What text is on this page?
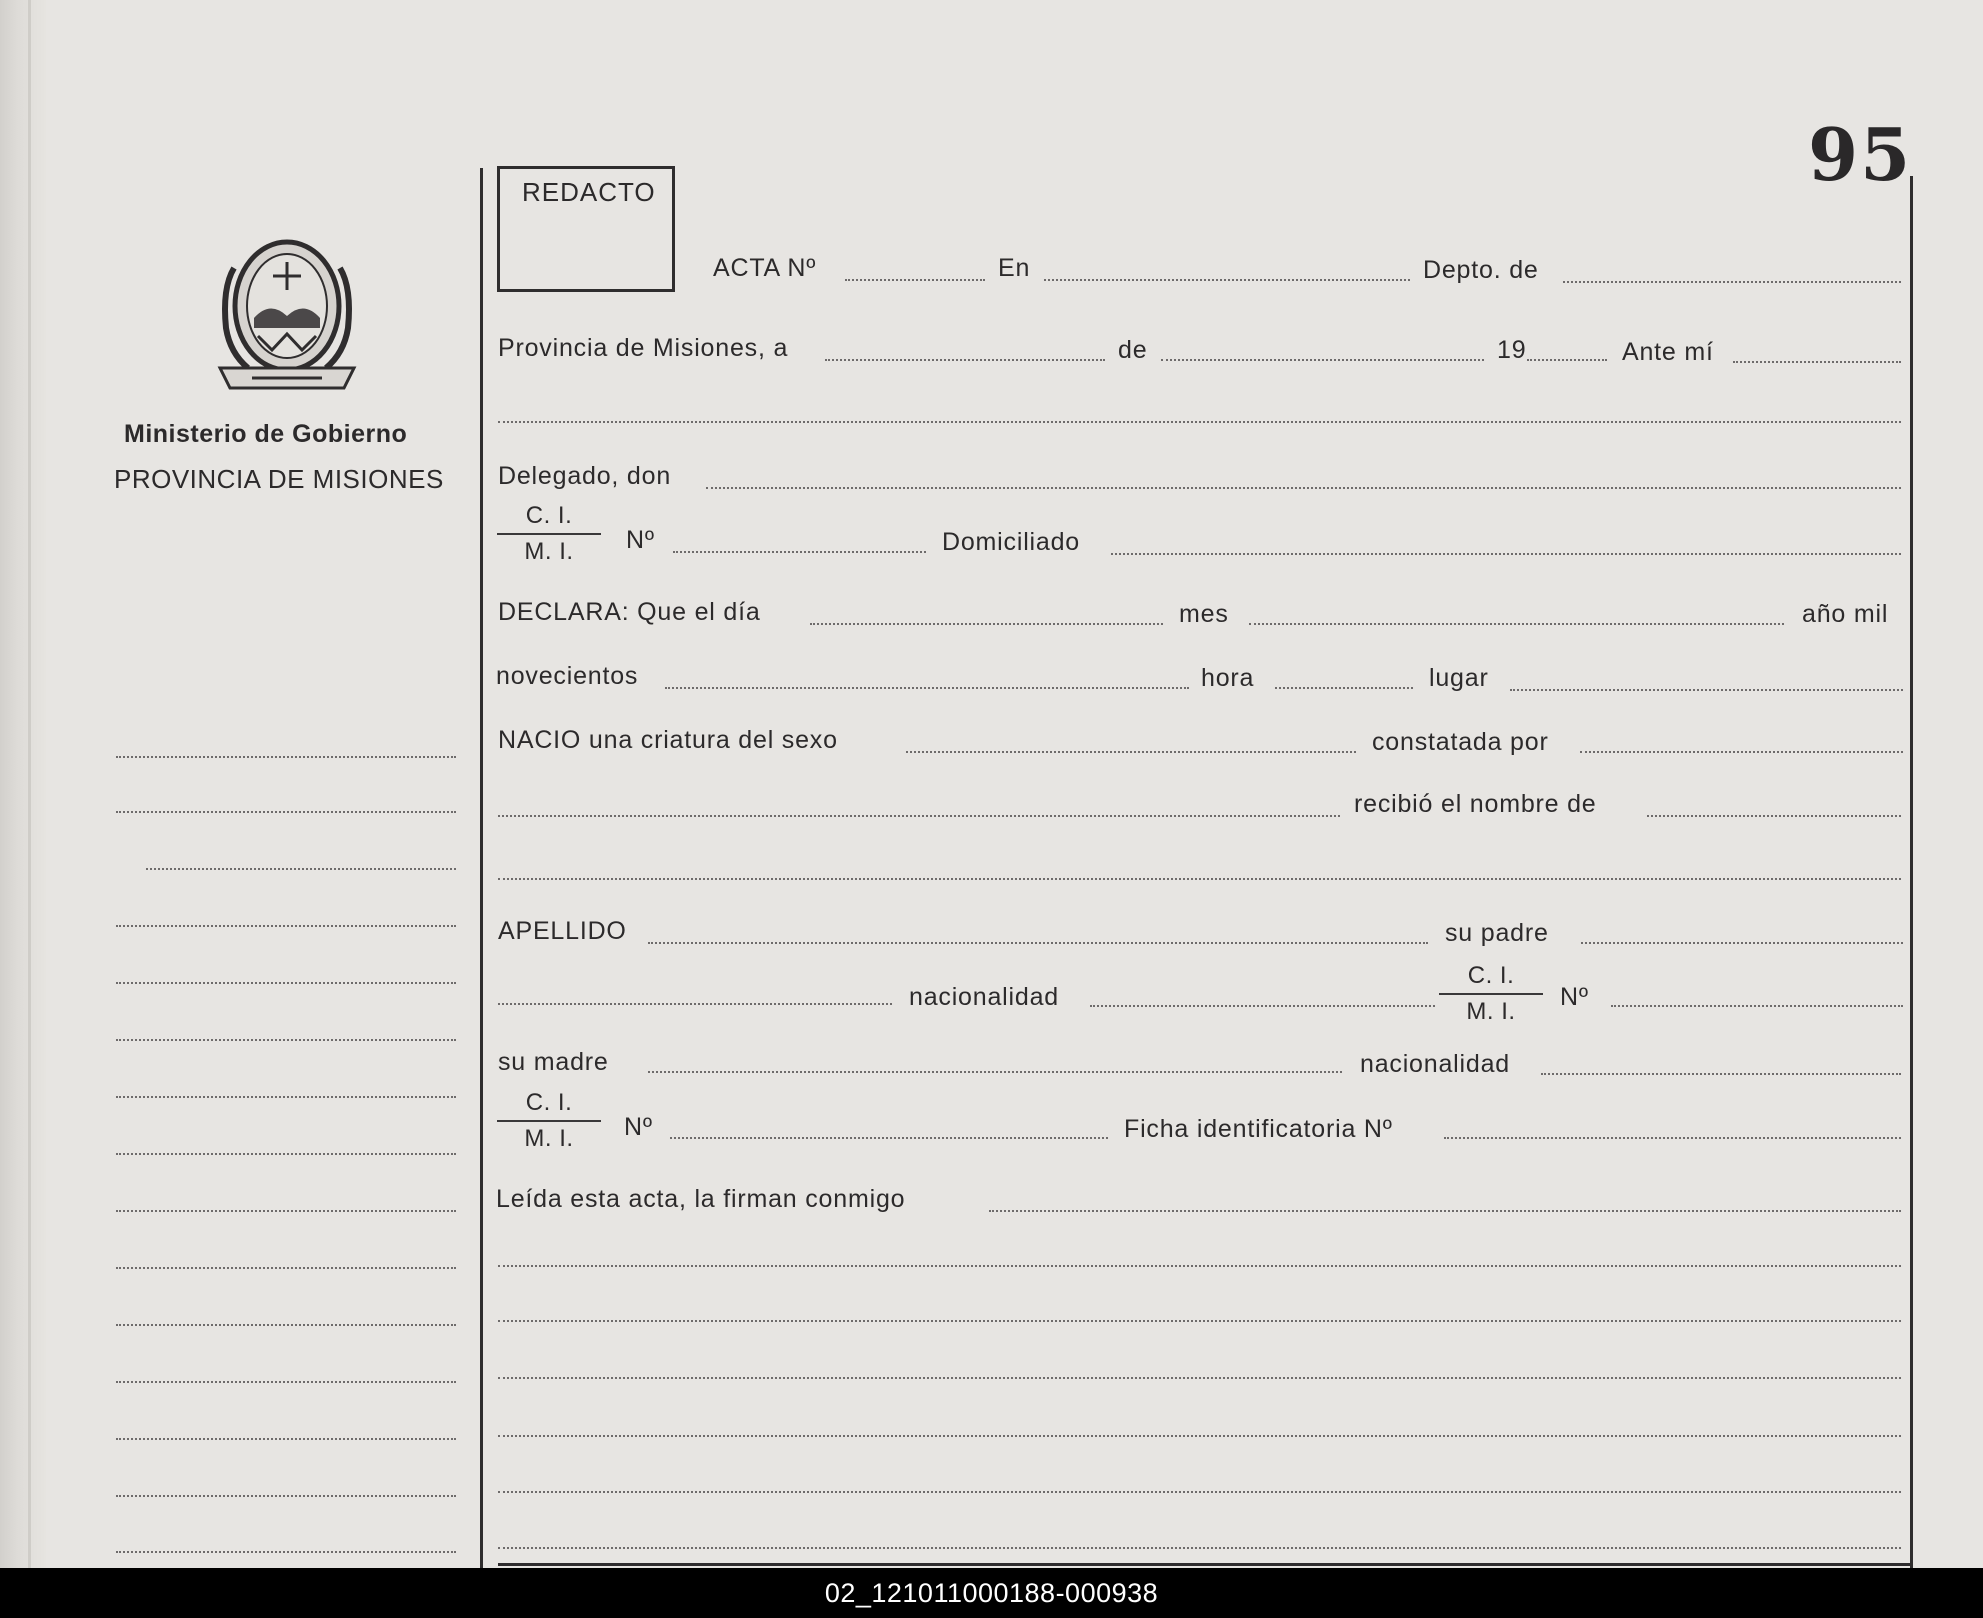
95
REDACTO
Ministerio de Gobierno
PROVINCIA DE MISIONES
ACTA Nº	En	Depto. de
Provincia de Misiones, a	de	19	Ante mí
Delegado, don
$\frac{C. I.}{M. I.}$ Nº	Domiciliado
DECLARA: Que el día	mes	año mil
novecientos	hora	lugar
NACIO una criatura del sexo	constatada por
recibió el nombre de
APELLIDO	su padre
nacionalidad	$\frac{C. I.}{M. I.}$ Nº
su madre	nacionalidad
$\frac{C. I.}{M. I.}$ Nº	Ficha identificatoria Nº
Leída esta acta, la firman conmigo
02_121011000188-000938
